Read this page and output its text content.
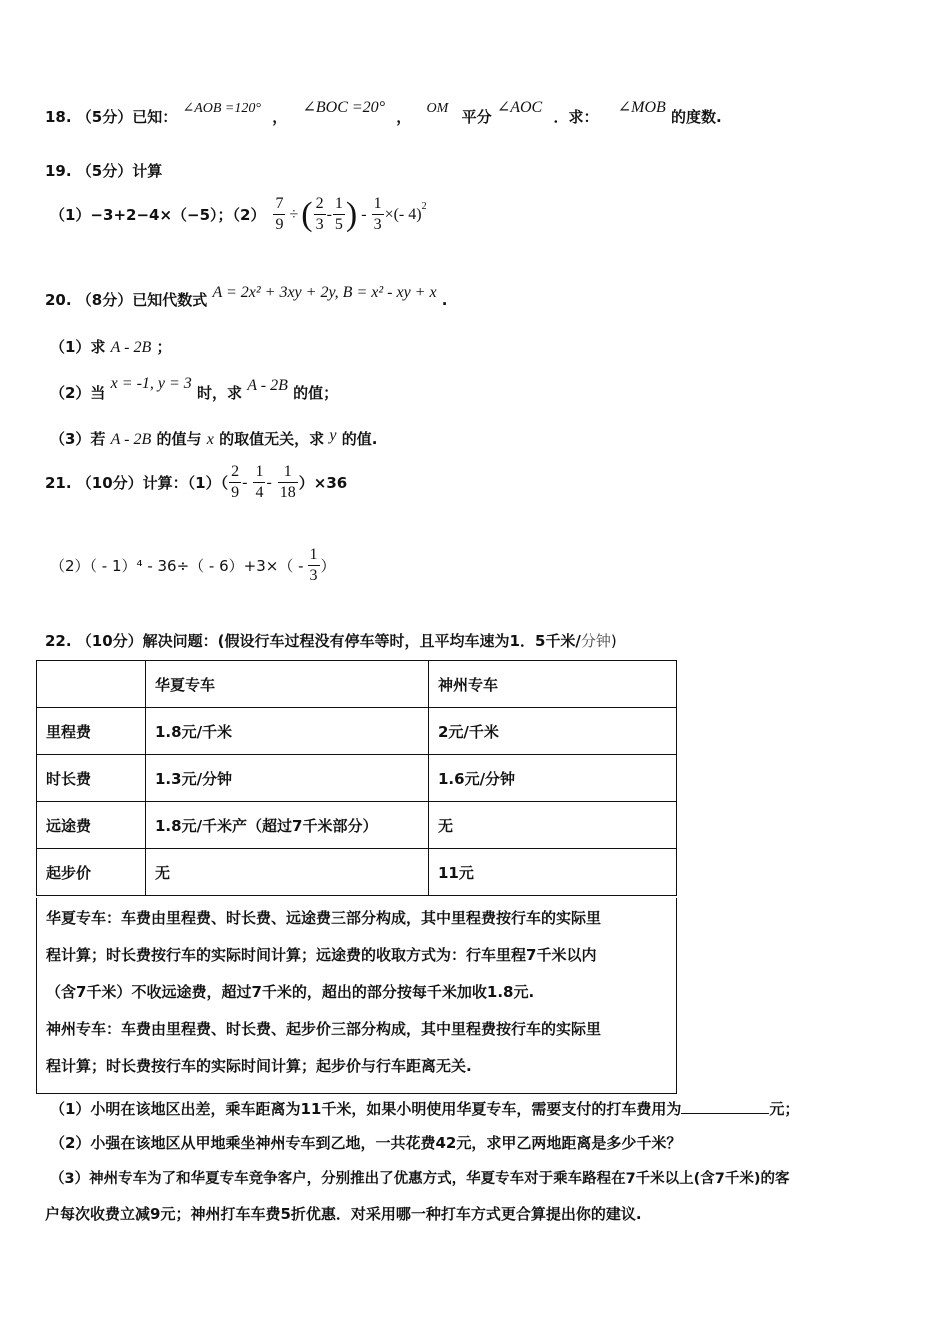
18. （5分）已知： ∠AOB =120° ， ∠BOC =20° ， OM 平分 ∠AOC ．求： ∠MOB 的度数.
19. （5分）计算
（1）−3+2−4×（−5）；$(2) \frac{7}{9}$ ÷ ( $\frac{2}{3} - \frac{1}{5}$ ) - $\frac{1}{3}$ ×(- 4) 2
20. （8分）已知代数式 A = 2x² + 3xy + 2y, B = x² - xy + x .
（1）求 A - 2B ；
（2）当 x = -1, y = 3 时，求 A - 2B 的值；
（3）若 A - 2B 的值与 x 的取值无关，求 y 的值.
21. （10分）计算：$(1)( \frac{2}{9} - \frac{1}{4} - \frac{1}{18} )\times 36$
$(2)( - 1)^4 - 36\div( - 6)+3\times( - \frac{1}{3}$ ）
22. （10分）解决问题：(假设行车过程没有停车等时，且平均车速为1．5千米/分钟)
	华夏专车	神州专车
里程费	1.8元/千米	2元/千米
时长费	1.3元/分钟	1.6元/分钟
远途费	1.8元/千米产（超过7千米部分）	无
起步价	无	11元

华夏专车：车费由里程费、时长费、远途费三部分构成，其中里程费按行车的实际里

程计算；时长费按行车的实际时间计算；远途费的收取方式为：行车里程7千米以内

（含7千米）不收远途费，超过7千米的，超出的部分按每千米加收1.8元.

神州专车：车费由里程费、时长费、起步价三部分构成，其中里程费按行车的实际里

程计算；时长费按行车的实际时间计算；起步价与行车距离无关.

（1）小明在该地区出差，乘车距离为11千米，如果小明使用华夏专车，需要支付的打车费用为	元；
（2）小强在该地区从甲地乘坐神州专车到乙地，一共花费42元，求甲乙两地距离是多少千米？
（3）神州专车为了和华夏专车竞争客户，分别推出了优惠方式，华夏专车对于乘车路程在7千米以上(含7千米)的客
户每次收费立减9元；神州打车车费5折优惠．对采用哪一种打车方式更合算提出你的建议.
